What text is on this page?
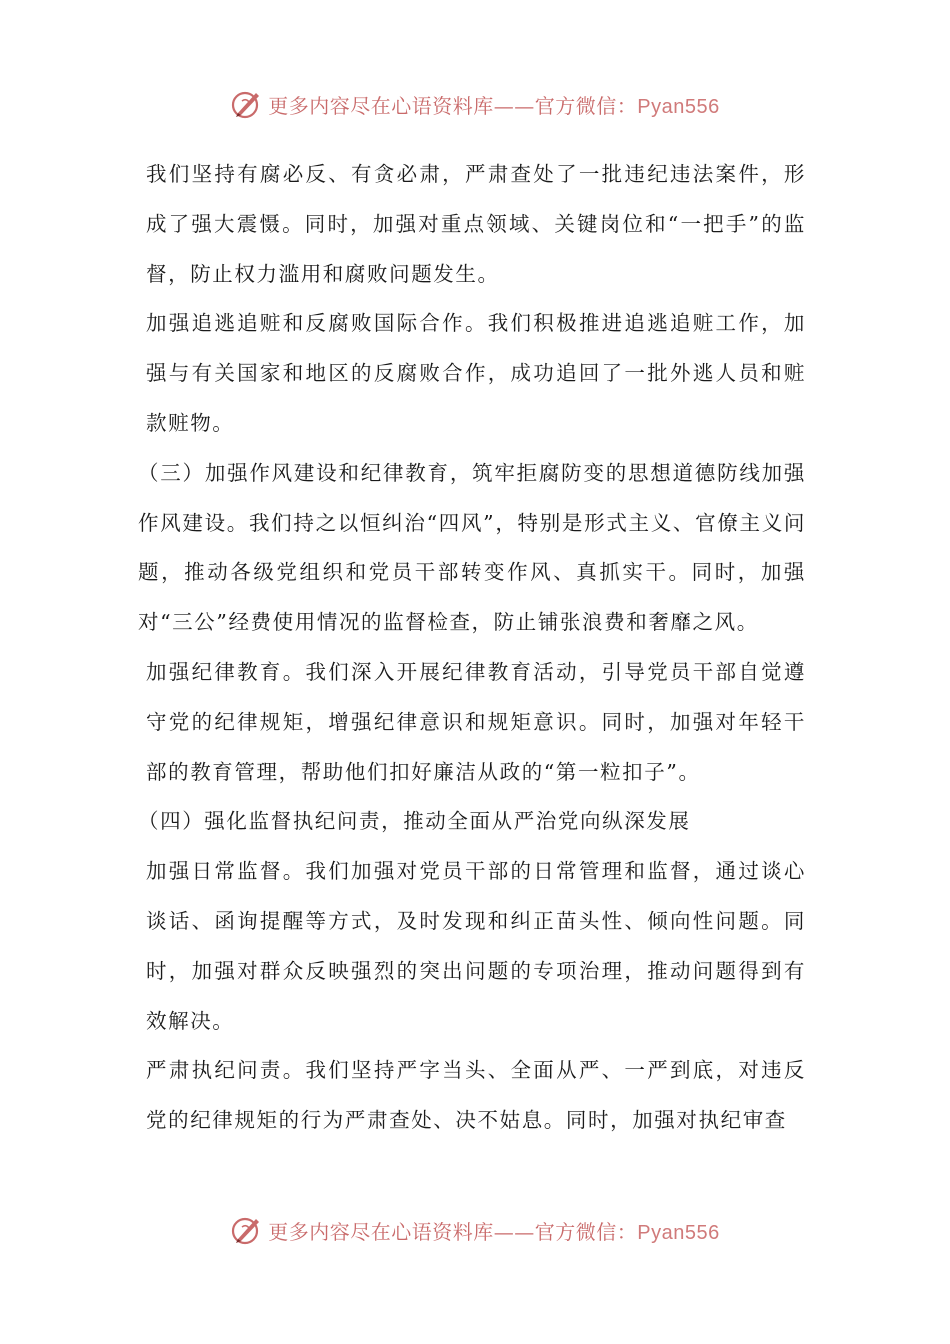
更多内容尽在心语资料库——官方微信：Pyan556

我们坚持有腐必反、有贪必肃，严肃查处了一批违纪违法案件，形成了强大震慑。同时，加强对重点领域、关键岗位和“一把手”的监督，防止权力滥用和腐败问题发生。

加强追逃追赃和反腐败国际合作。我们积极推进追逃追赃工作，加强与有关国家和地区的反腐败合作，成功追回了一批外逃人员和赃款赃物。

（三）加强作风建设和纪律教育，筑牢拒腐防变的思想道德防线加强作风建设。我们持之以恒纠治“四风”，特别是形式主义、官僚主义问题，推动各级党组织和党员干部转变作风、真抓实干。同时，加强对“三公”经费使用情况的监督检查，防止铺张浪费和奢靡之风。

加强纪律教育。我们深入开展纪律教育活动，引导党员干部自觉遵守党的纪律规矩，增强纪律意识和规矩意识。同时，加强对年轻干部的教育管理，帮助他们扣好廉洁从政的“第一粒扣子”。

（四）强化监督执纪问责，推动全面从严治党向纵深发展

加强日常监督。我们加强对党员干部的日常管理和监督，通过谈心谈话、函询提醒等方式，及时发现和纠正苗头性、倾向性问题。同时，加强对群众反映强烈的突出问题的专项治理，推动问题得到有效解决。

严肃执纪问责。我们坚持严字当头、全面从严、一严到底，对违反党的纪律规矩的行为严肃查处、决不姑息。同时，加强对执纪审查

更多内容尽在心语资料库——官方微信：Pyan556
